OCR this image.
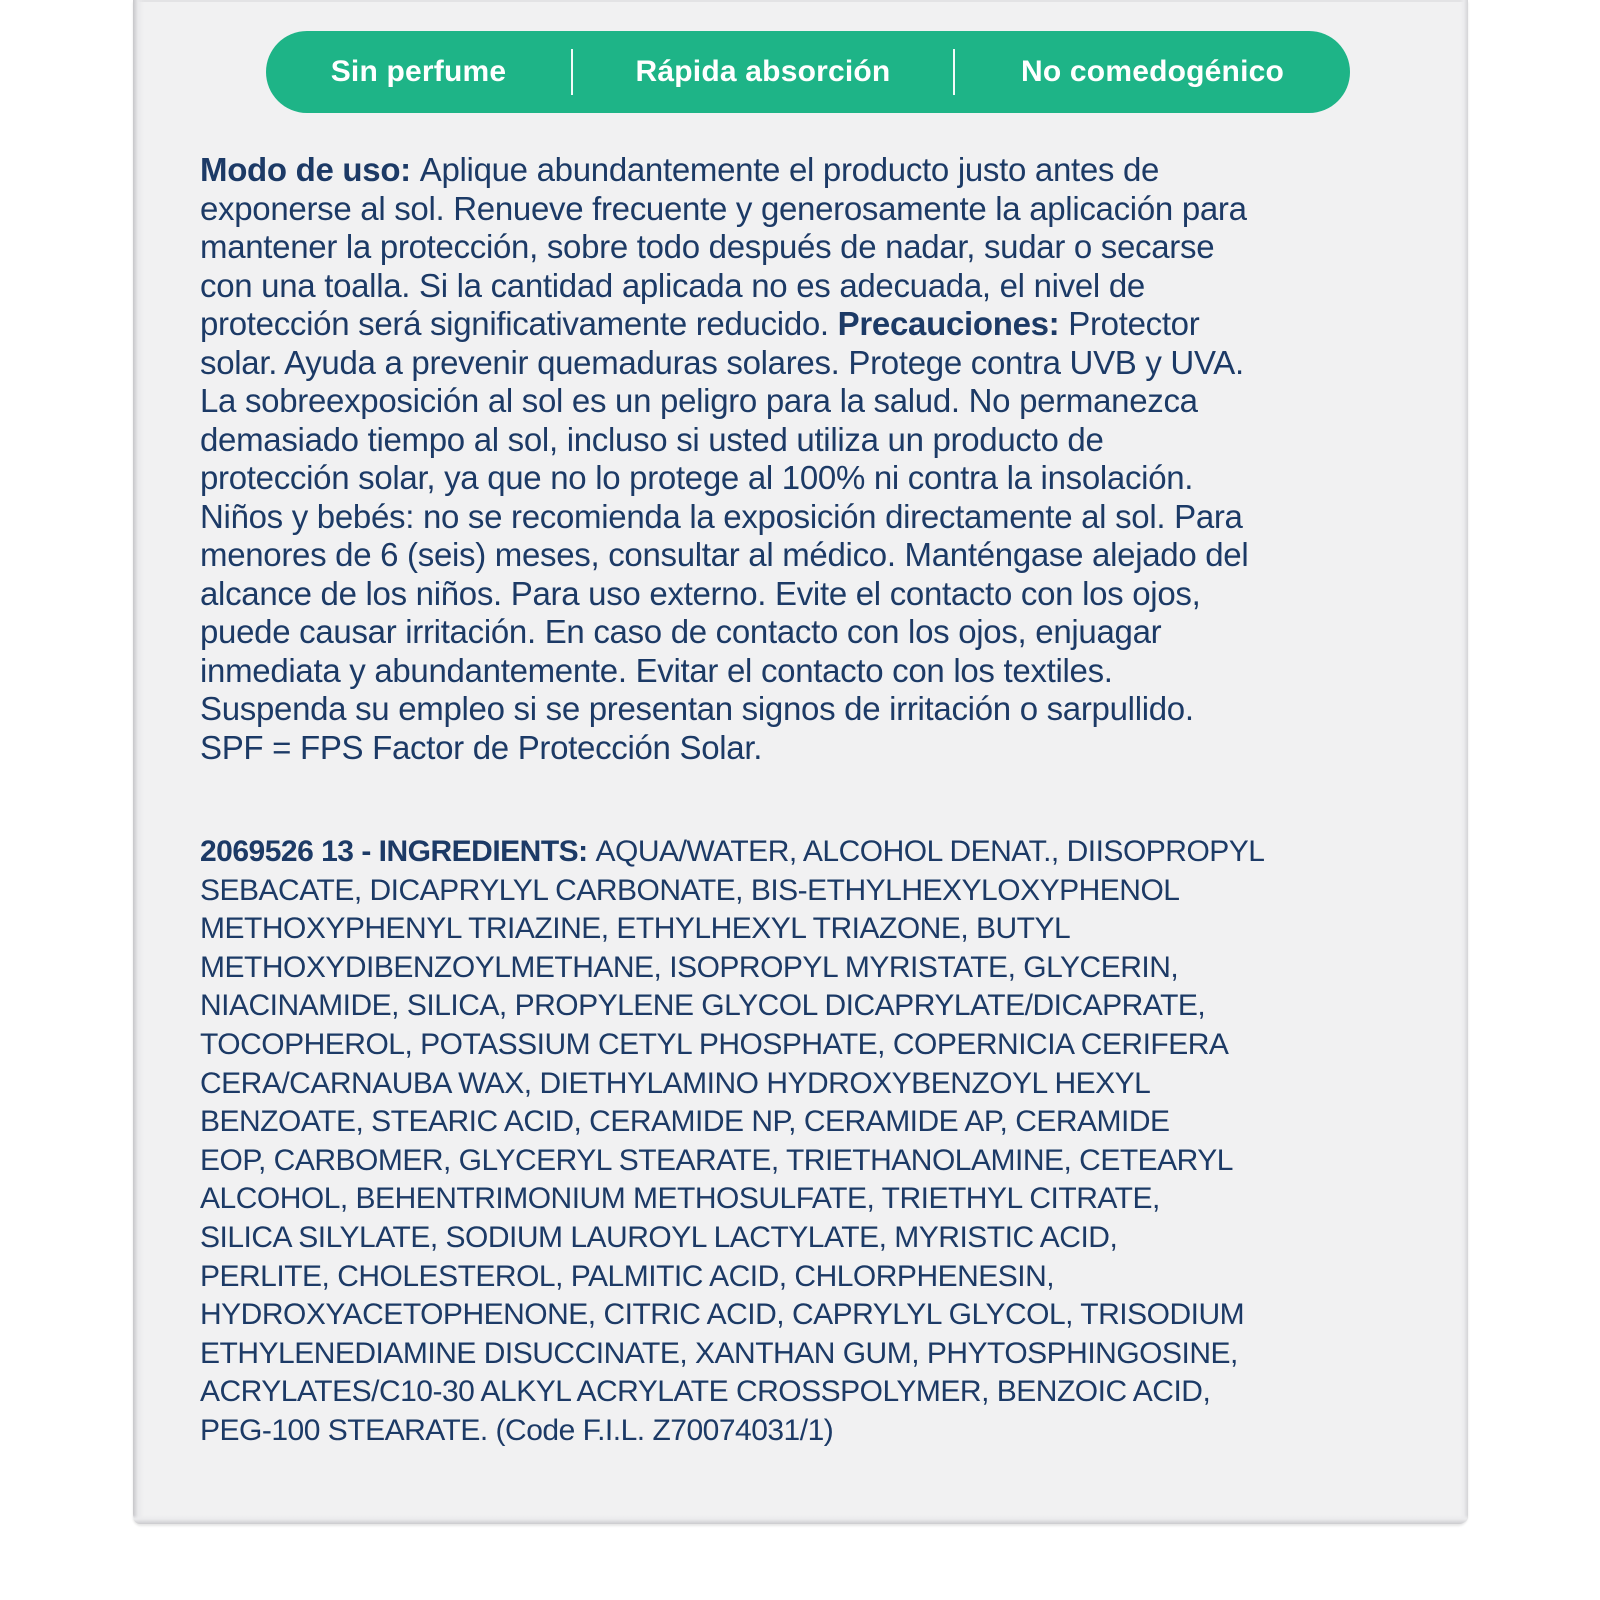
Sin perfume	Rápida absorción	No comedogénico
Modo de uso: Aplique abundantemente el producto justo antes de
exponerse al sol. Renueve frecuente y generosamente la aplicación para
mantener la protección, sobre todo después de nadar, sudar o secarse
con una toalla. Si la cantidad aplicada no es adecuada, el nivel de
protección será significativamente reducido. Precauciones: Protector
solar. Ayuda a prevenir quemaduras solares. Protege contra UVB y UVA.
La sobreexposición al sol es un peligro para la salud. No permanezca
demasiado tiempo al sol, incluso si usted utiliza un producto de
protección solar, ya que no lo protege al 100% ni contra la insolación.
Niños y bebés: no se recomienda la exposición directamente al sol. Para
menores de 6 (seis) meses, consultar al médico. Manténgase alejado del
alcance de los niños. Para uso externo. Evite el contacto con los ojos,
puede causar irritación. En caso de contacto con los ojos, enjuagar
inmediata y abundantemente. Evitar el contacto con los textiles.
Suspenda su empleo si se presentan signos de irritación o sarpullido.
SPF = FPS Factor de Protección Solar.
2069526 13 - INGREDIENTS: AQUA/WATER, ALCOHOL DENAT., DIISOPROPYL
SEBACATE, DICAPRYLYL CARBONATE, BIS-ETHYLHEXYLOXYPHENOL
METHOXYPHENYL TRIAZINE, ETHYLHEXYL TRIAZONE, BUTYL
METHOXYDIBENZOYLMETHANE, ISOPROPYL MYRISTATE, GLYCERIN,
NIACINAMIDE, SILICA, PROPYLENE GLYCOL DICAPRYLATE/DICAPRATE,
TOCOPHEROL, POTASSIUM CETYL PHOSPHATE, COPERNICIA CERIFERA
CERA/CARNAUBA WAX, DIETHYLAMINO HYDROXYBENZOYL HEXYL
BENZOATE, STEARIC ACID, CERAMIDE NP, CERAMIDE AP, CERAMIDE
EOP, CARBOMER, GLYCERYL STEARATE, TRIETHANOLAMINE, CETEARYL
ALCOHOL, BEHENTRIMONIUM METHOSULFATE, TRIETHYL CITRATE,
SILICA SILYLATE, SODIUM LAUROYL LACTYLATE, MYRISTIC ACID,
PERLITE, CHOLESTEROL, PALMITIC ACID, CHLORPHENESIN,
HYDROXYACETOPHENONE, CITRIC ACID, CAPRYLYL GLYCOL, TRISODIUM
ETHYLENEDIAMINE DISUCCINATE, XANTHAN GUM, PHYTOSPHINGOSINE,
ACRYLATES/C10-30 ALKYL ACRYLATE CROSSPOLYMER, BENZOIC ACID,
PEG-100 STEARATE. (Code F.I.L. Z70074031/1)
